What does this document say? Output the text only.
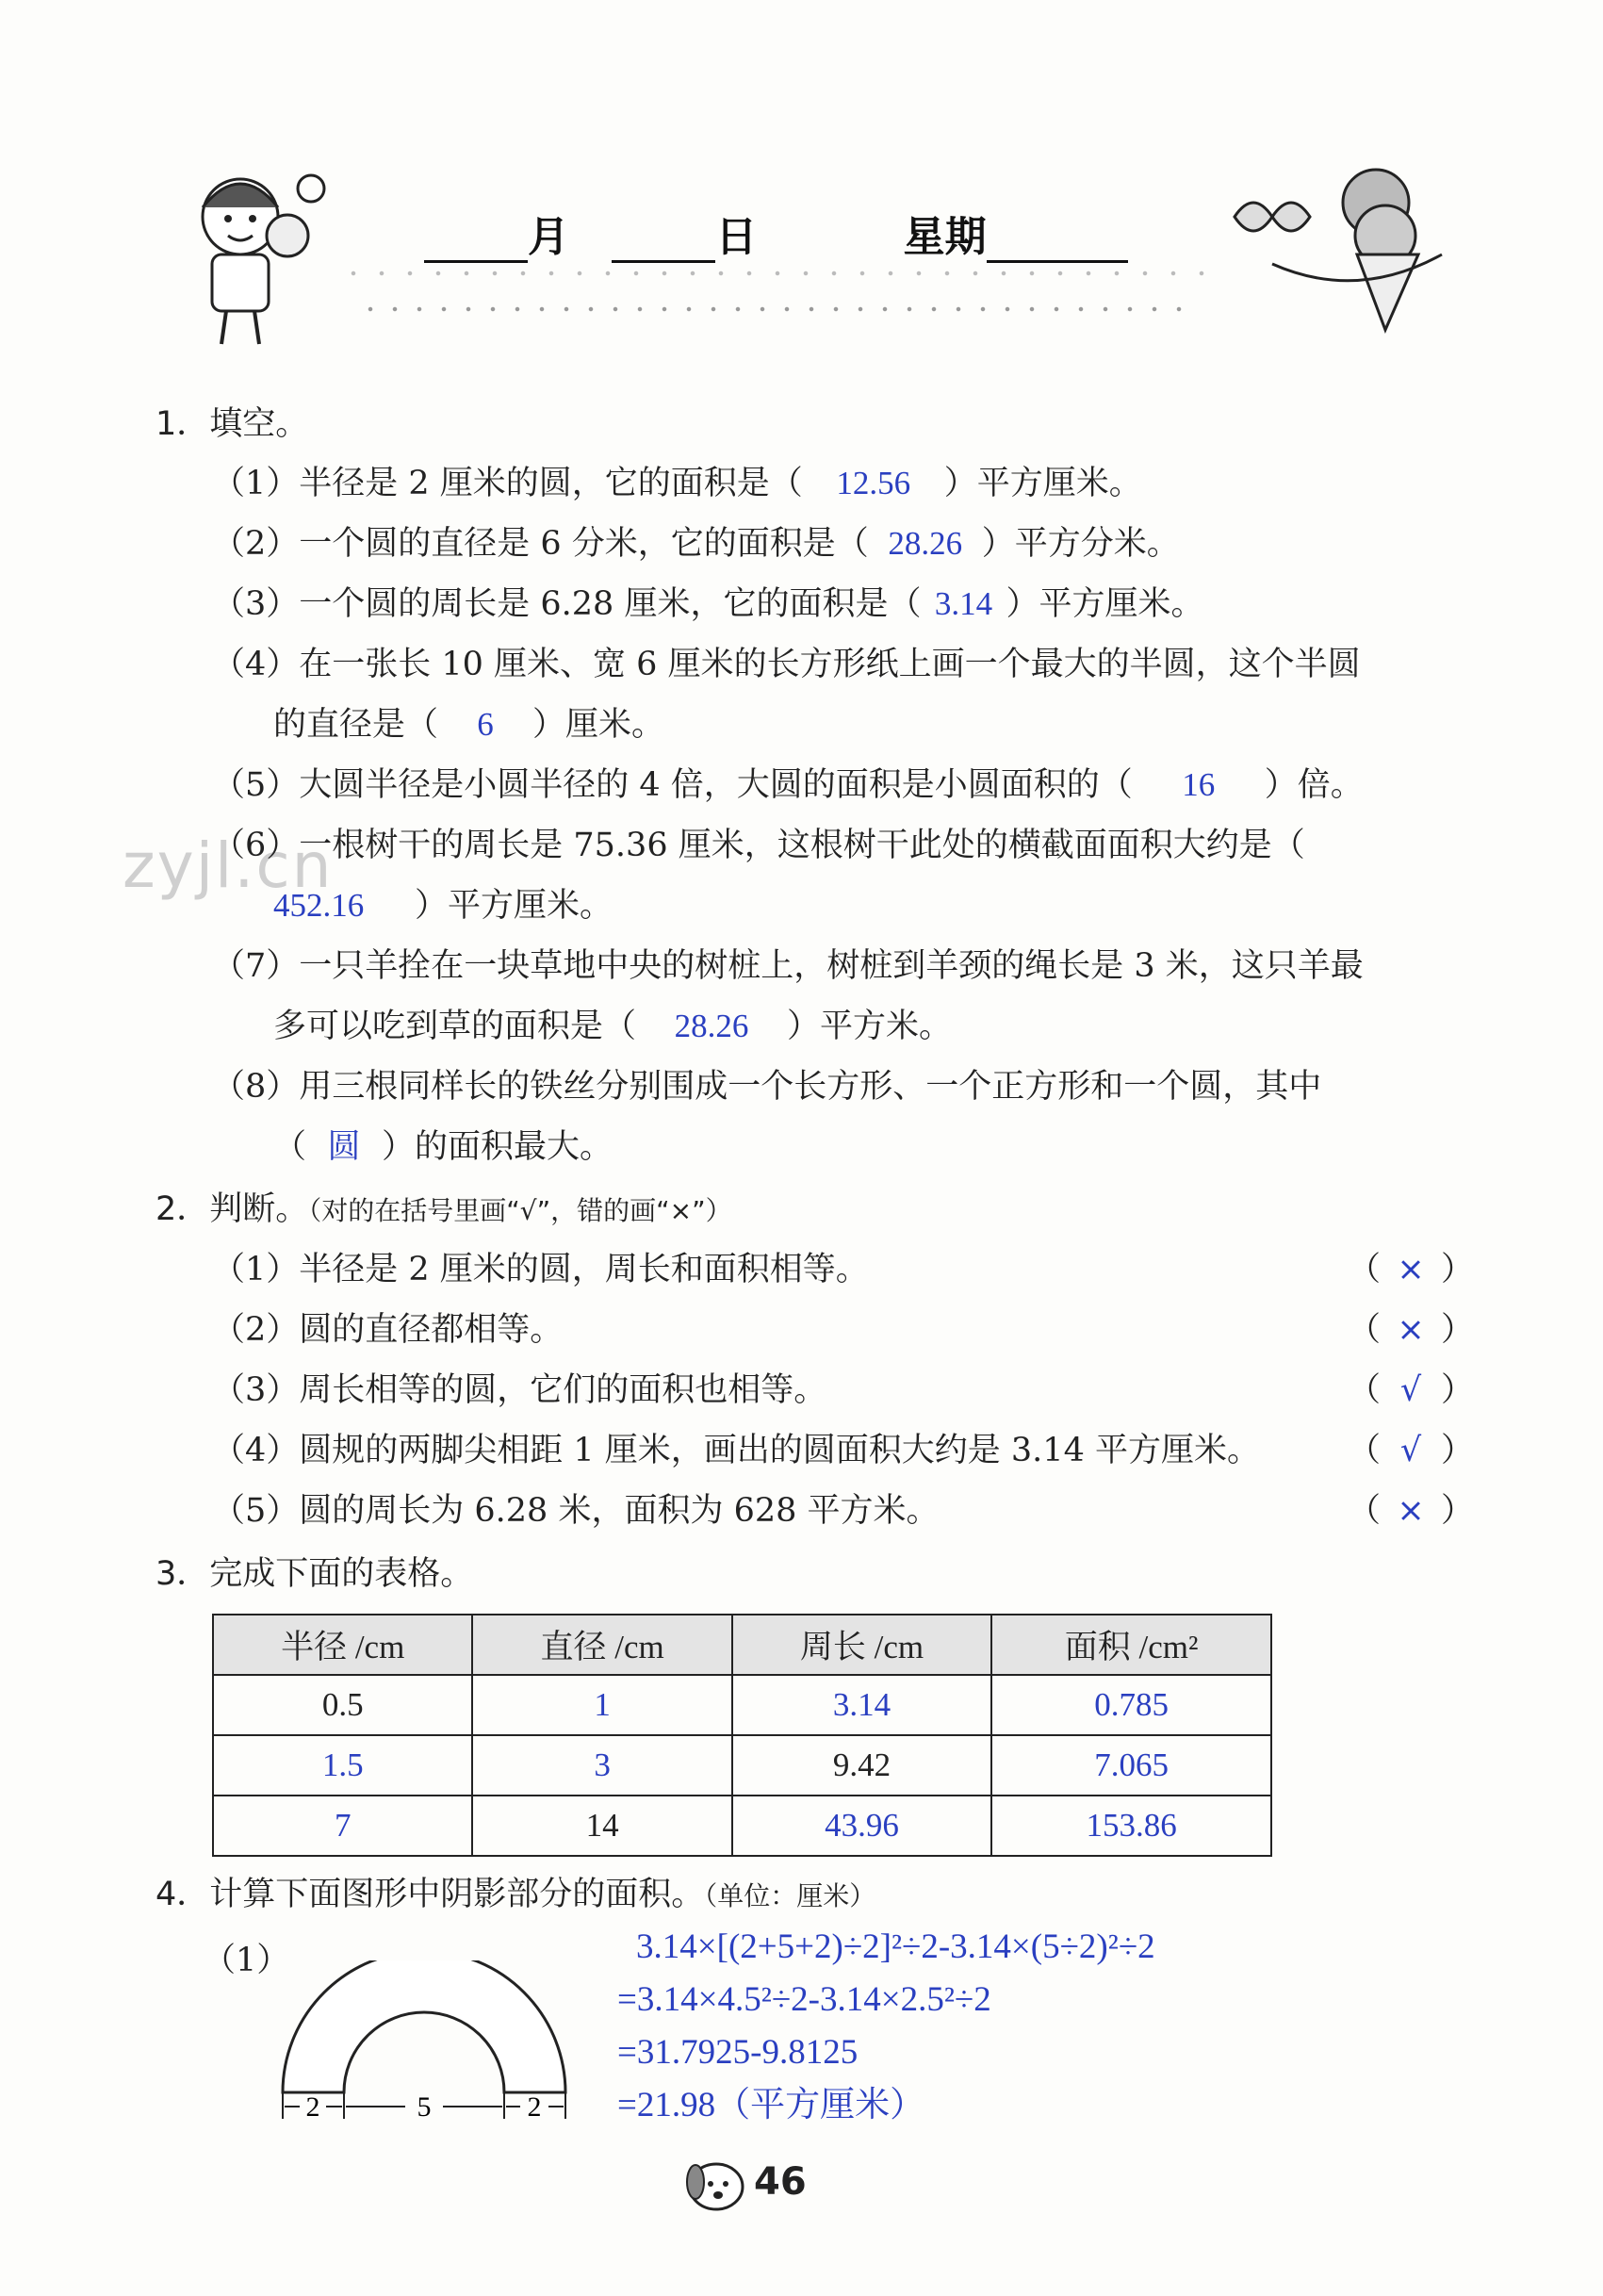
月	日	星期
zyjl.cn
1．填空。
（1）半径是 2 厘米的圆，它的面积是（ 12.56 ）平方厘米。
（2）一个圆的直径是 6 分米，它的面积是（ 28.26 ）平方分米。
（3）一个圆的周长是 6.28 厘米，它的面积是（ 3.14 ）平方厘米。
（4）在一张长 10 厘米、宽 6 厘米的长方形纸上画一个最大的半圆，这个半圆
的直径是（ 6 ）厘米。
（5）大圆半径是小圆半径的 4 倍，大圆的面积是小圆面积的（ 16 ）倍。
（6）一根树干的周长是 75.36 厘米，这根树干此处的横截面面积大约是（
452.16 ）平方厘米。
（7）一只羊拴在一块草地中央的树桩上，树桩到羊颈的绳长是 3 米，这只羊最
多可以吃到草的面积是（ 28.26 ）平方米。
（8）用三根同样长的铁丝分别围成一个长方形、一个正方形和一个圆，其中
（ 圆 ）的面积最大。
2．判断。（对的在括号里画“√”，错的画“×”）
（1）半径是 2 厘米的圆，周长和面积相等。	（ × ）
（2）圆的直径都相等。	（ × ）
（3）周长相等的圆，它们的面积也相等。	（ √ ）
（4）圆规的两脚尖相距 1 厘米，画出的圆面积大约是 3.14 平方厘米。	（ √ ）
（5）圆的周长为 6.28 米，面积为 628 平方米。	（ × ）
3．完成下面的表格。
半径 /cm	直径 /cm	周长 /cm	面积 /cm²
0.5	1	3.14	0.785
1.5	3	9.42	7.065
7	14	43.96	153.86
4．计算下面图形中阴影部分的面积。（单位：厘米）
（1）
2	5	2
3.14×[(2+5+2)÷2]²÷2-3.14×(5÷2)²÷2
=3.14×4.5²÷2-3.14×2.5²÷2
=31.7925-9.8125
=21.98（平方厘米）
46
